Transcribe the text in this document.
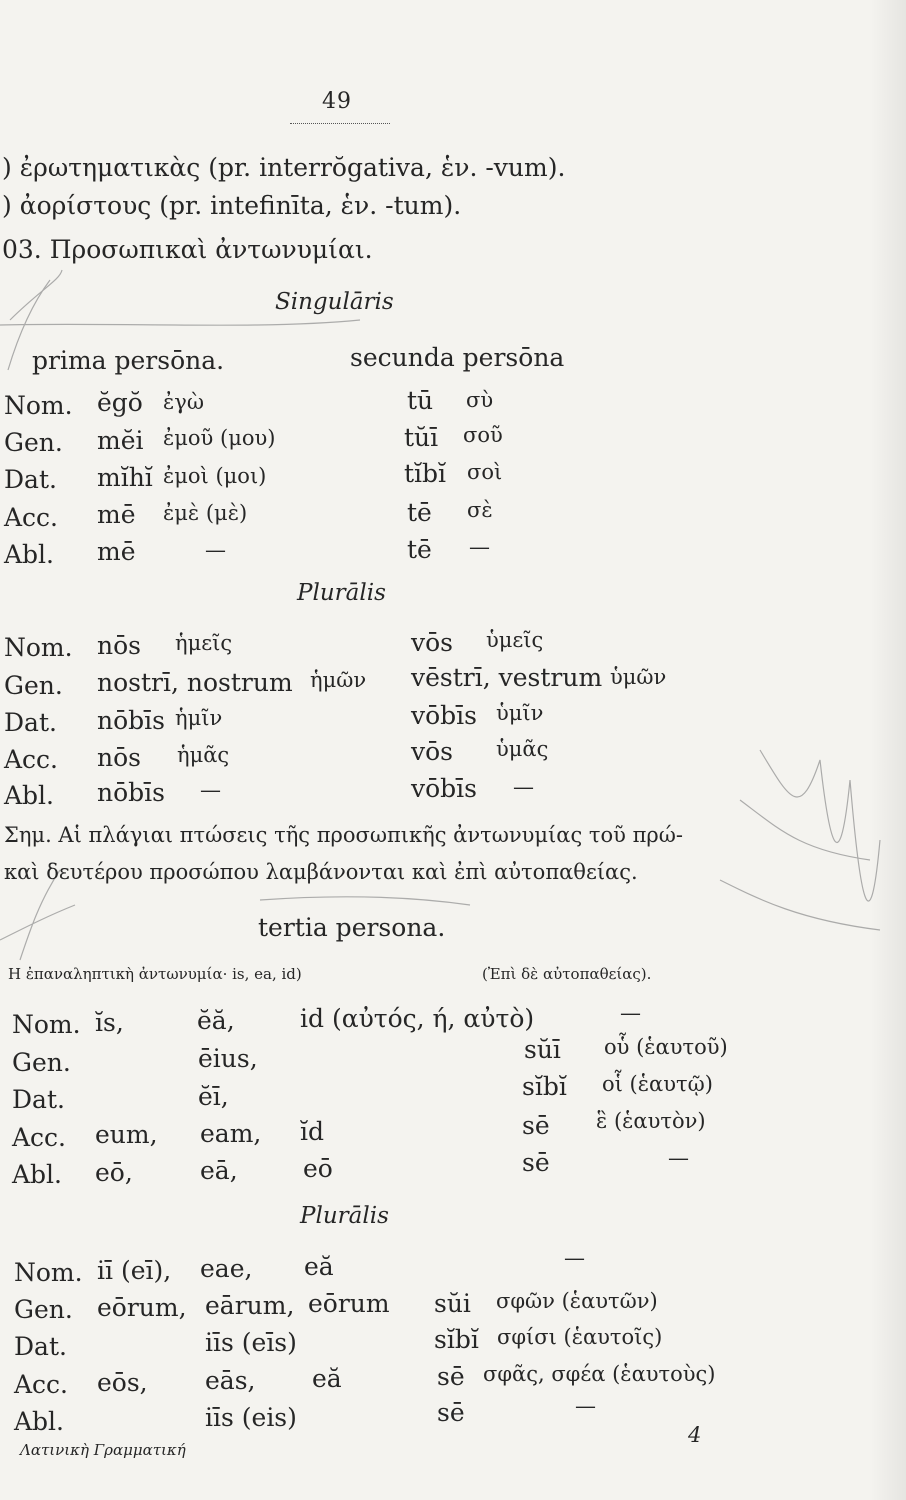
49
) ἐρωτηματικὰς (pr. interrŏgativa, ἑν. -vum).
) ἀορίστους (pr. intefinīta, ἑν. -tum).
03. Προσωπικαὶ ἀντωνυμίαι.
Singulāris
prima persōna.	secunda persōna
Nom. ĕgŏ ἐγὼ	tū σὺ
Gen. mĕi ἐμοῦ (μου)	tŭī σοῦ
Dat. mĭhĭ ἐμοὶ (μοι)	tĭbĭ σοὶ
Acc. mē ἐμὲ (μὲ)	tē σὲ
Abl. mē	—	tē —
Plurālis
Nom. nōs ἡμεῖς	vōs ὑμεῖς
Gen. nostrī, nostrum ἡμῶν vēstrī, vestrum ὑμῶν
Dat. nōbīs ἡμῖν	vōbīs ὑμῖν
Acc. nōs ἡμᾶς	vōs ὑμᾶς
Abl. nōbīs —	vōbīs —
Σημ. Αἱ πλάγιαι πτώσεις τῆς προσωπικῆς ἀντωνυμίας τοῦ πρώ-
καὶ δευτέρου προσώπου λαμβάνονται καὶ ἐπὶ αὐτοπαθείας.
tertia persona.
Η ἐπαναληπτικὴ ἀντωνυμία· is, ea, id)	(Ἐπὶ δὲ αὐτοπαθείας).
Nom. ĭs,	ĕă,	id (αὐτός, ή, αὐτὸ)	—
Gen.	ēius,	sŭī οὗ (ἑαυτοῦ)
Dat.	ĕī,	sĭbĭ οἷ (ἑαυτῷ)
Acc. eum, eam, ĭd	sē ἓ (ἑαυτὸν)
Abl. eō,	eā,	eō	sē	—
Plurālis
Nom. iī (eī), eae, eă	—
Gen. eōrum, eārum, eōrum sŭi σφῶν (ἑαυτῶν)
Dat.	iīs (eīs)	sĭbĭ σφίσι (ἑαυτοῖς)
Acc. eōs, eās, eă	sē σφᾶς, σφέα (ἑαυτοὺς)
Abl.	iīs (eis)	sē	—
Λατινικὴ Γραμματική
4
